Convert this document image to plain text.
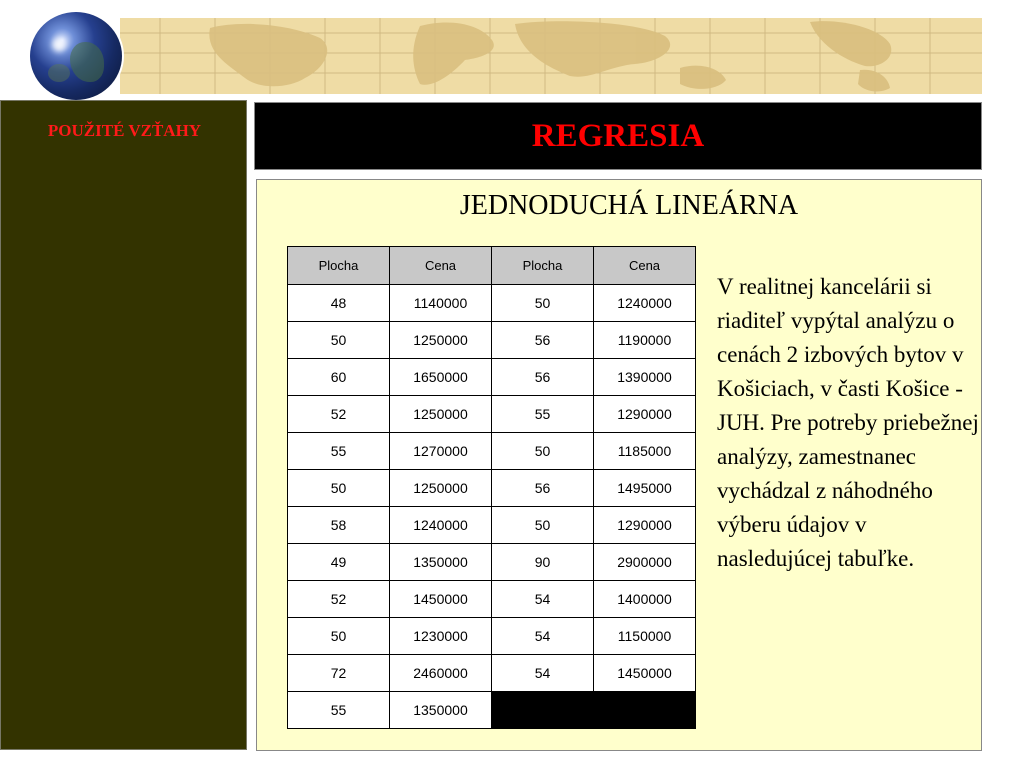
POUŽITÉ VZŤAHY	REGRESIA
JEDNODUCHÁ LINEÁRNA
Plocha	Cena	Plocha	Cena
48	1140000	50	1240000
50	1250000	56	1190000
60	1650000	56	1390000
52	1250000	55	1290000
55	1270000	50	1185000
50	1250000	56	1495000
58	1240000	50	1290000
49	1350000	90	2900000
52	1450000	54	1400000
50	1230000	54	1150000
72	2460000	54	1450000
55	1350000		
V realitnej kancelárii si riaditeľ vypýtal analýzu o cenách 2 izbových bytov v Košiciach, v časti Košice - JUH. Pre potreby priebežnej analýzy, zamestnanec vychádzal z náhodného výberu údajov v nasledujúcej tabuľke.
